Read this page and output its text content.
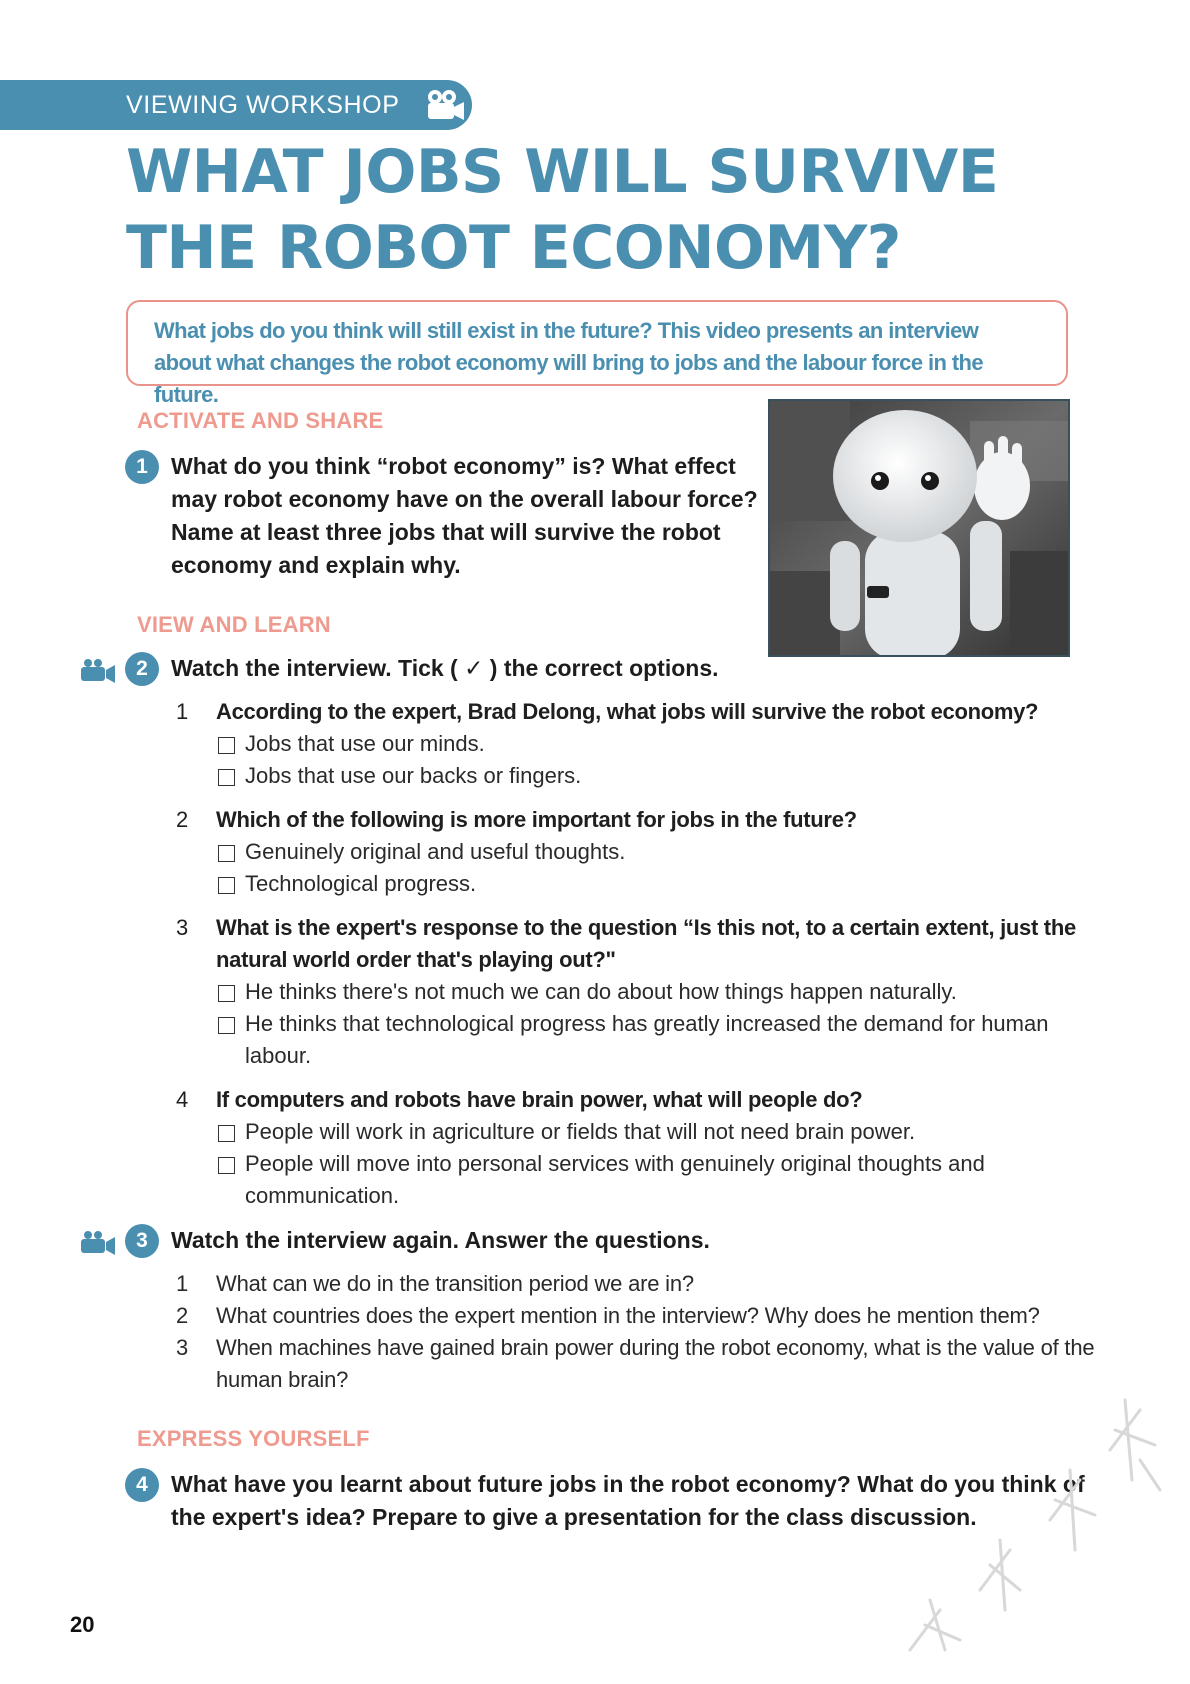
VIEWING WORKSHOP
WHAT JOBS WILL SURVIVE THE ROBOT ECONOMY?
What jobs do you think will still exist in the future? This video presents an interview about what changes the robot economy will bring to jobs and the labour force in the future.
ACTIVATE AND SHARE
1	What do you think “robot economy” is? What effect may robot economy have on the overall labour force? Name at least three jobs that will survive the robot economy and explain why.
VIEW AND LEARN
2	Watch the interview. Tick ( ✓ ) the correct options.
1	According to the expert, Brad Delong, what jobs will survive the robot economy?
Jobs that use our minds.
Jobs that use our backs or fingers.
2	Which of the following is more important for jobs in the future?
Genuinely original and useful thoughts.
Technological progress.
3	What is the expert's response to the question “Is this not, to a certain extent, just the natural world order that's playing out?"
He thinks there's not much we can do about how things happen naturally.
He thinks that technological progress has greatly increased the demand for human labour.
4	If computers and robots have brain power, what will people do?
People will work in agriculture or fields that will not need brain power.
People will move into personal services with genuinely original thoughts and communication.
3	Watch the interview again. Answer the questions.
1	What can we do in the transition period we are in?
2	What countries does the expert mention in the interview? Why does he mention them?
3	When machines have gained brain power during the robot economy, what is the value of the human brain?
EXPRESS YOURSELF
4	What have you learnt about future jobs in the robot economy? What do you think of the expert's idea? Prepare to give a presentation for the class discussion.
20
